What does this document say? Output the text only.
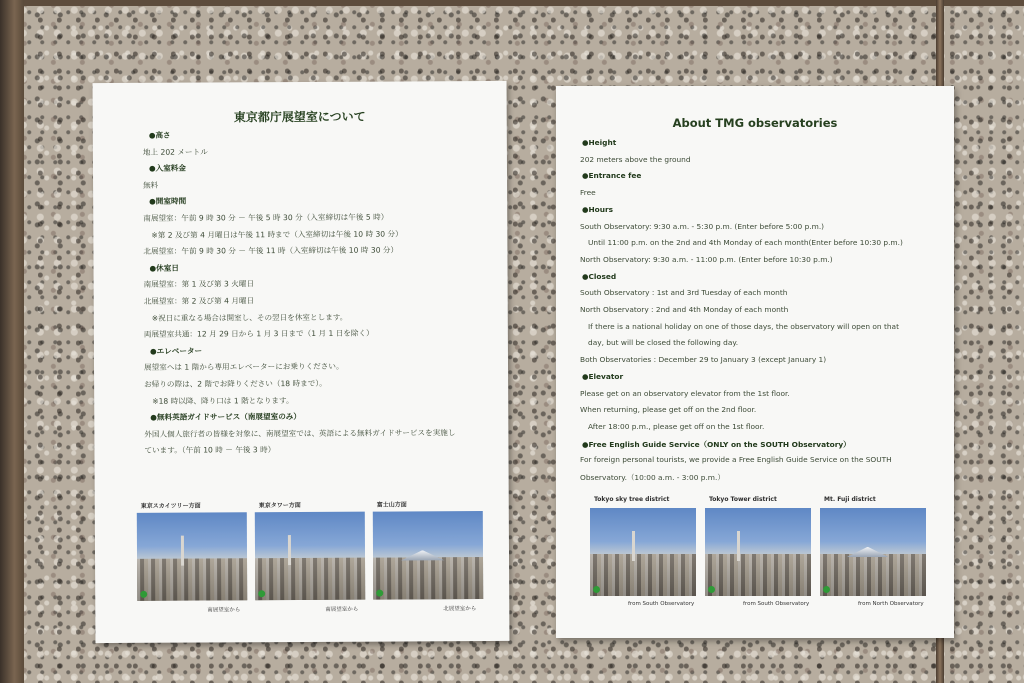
東京都庁展望室について
●高さ
地上 202 メートル
●入室料金
無料
●開室時間
南展望室：午前 9 時 30 分 － 午後 5 時 30 分（入室締切は午後 5 時）
※第 2 及び第 4 月曜日は午後 11 時まで（入室締切は午後 10 時 30 分）
北展望室：午前 9 時 30 分 － 午後 11 時（入室締切は午後 10 時 30 分）
●休室日
南展望室：第 1 及び第 3 火曜日
北展望室：第 2 及び第 4 月曜日
※祝日に重なる場合は開室し、その翌日を休室とします。
両展望室共通：12 月 29 日から 1 月 3 日まで（1 月 1 日を除く）
●エレベーター
展望室へは 1 階から専用エレベーターにお乗りください。
お帰りの際は、2 階でお降りください（18 時まで）。
※18 時以降、降り口は 1 階となります。
●無料英語ガイドサービス（南展望室のみ）
外国人個人旅行者の皆様を対象に、南展望室では、英語による無料ガイドサービスを実施し
ています。（午前 10 時 － 午後 3 時）
東京スカイツリー方面
南展望室から
東京タワー方面
南展望室から
富士山方面
北展望室から
About TMG observatories
●Height
202 meters above the ground
●Entrance fee
Free
●Hours
South Observatory: 9:30 a.m. - 5:30 p.m. (Enter before 5:00 p.m.)
Until 11:00 p.m. on the 2nd and 4th Monday of each month(Enter before 10:30 p.m.)
North Observatory: 9:30 a.m. - 11:00 p.m. (Enter before 10:30 p.m.)
●Closed
South Observatory : 1st and 3rd Tuesday of each month
North Observatory : 2nd and 4th Monday of each month
If there is a national holiday on one of those days, the observatory will open on that
day, but will be closed the following day.
Both Observatories : December 29 to January 3 (except January 1)
●Elevator
Please get on an observatory elevator from the 1st floor.
When returning, please get off on the 2nd floor.
After 18:00 p.m., please get off on the 1st floor.
●Free English Guide Service（ONLY on the SOUTH Observatory）
For foreign personal tourists, we provide a Free English Guide Service on the SOUTH
Observatory.（10:00 a.m. - 3:00 p.m.）
Tokyo sky tree district
from South Observatory
Tokyo Tower district
from South Observatory
Mt. Fuji district
from North Observatory
